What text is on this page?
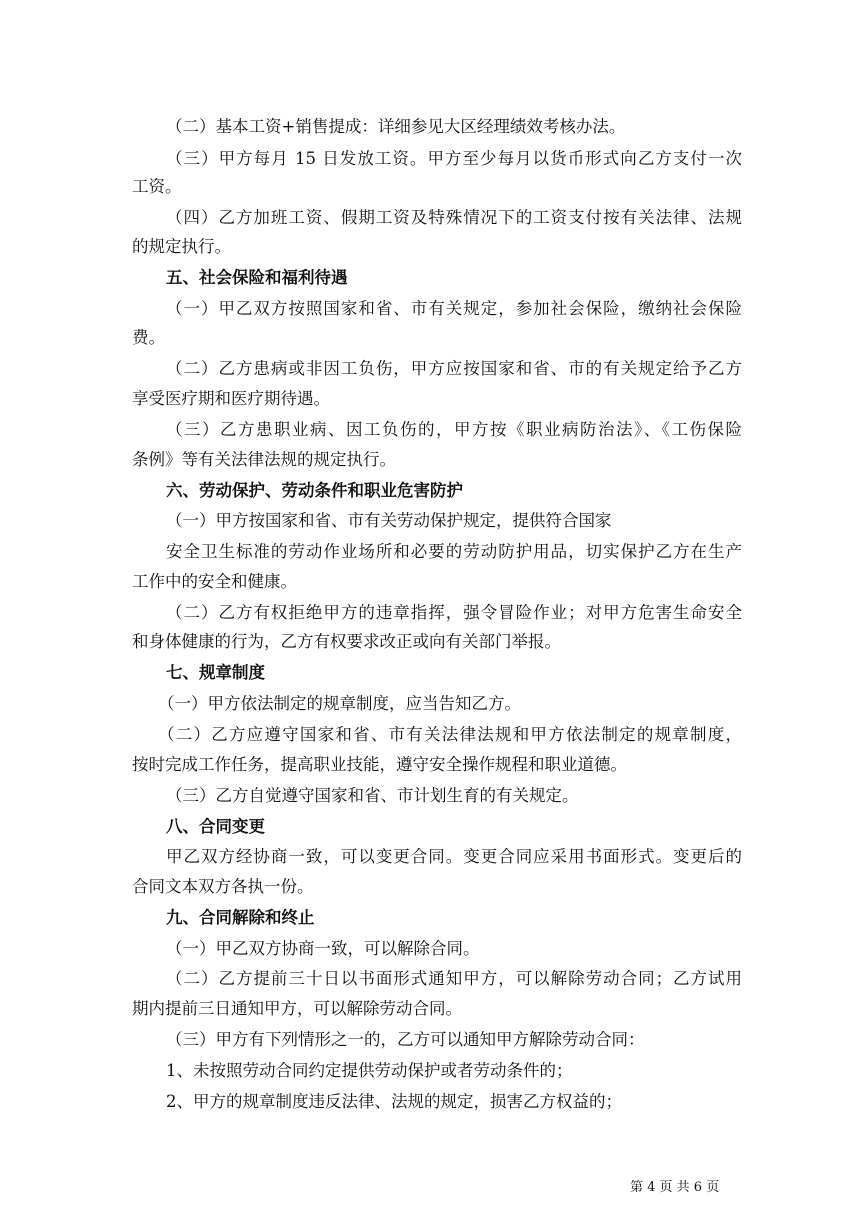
（二）基本工资+销售提成：详细参见大区经理绩效考核办法。
（三）甲方每月 15 日发放工资。甲方至少每月以货币形式向乙方支付一次
工资。
（四）乙方加班工资、假期工资及特殊情况下的工资支付按有关法律、法规
的规定执行。
五、社会保险和福利待遇
（一）甲乙双方按照国家和省、市有关规定，参加社会保险，缴纳社会保险
费。
（二）乙方患病或非因工负伤，甲方应按国家和省、市的有关规定给予乙方
享受医疗期和医疗期待遇。
（三）乙方患职业病、因工负伤的，甲方按《职业病防治法》、《工伤保险
条例》等有关法律法规的规定执行。
六、劳动保护、劳动条件和职业危害防护
（一）甲方按国家和省、市有关劳动保护规定，提供符合国家
安全卫生标准的劳动作业场所和必要的劳动防护用品，切实保护乙方在生产
工作中的安全和健康。
（二）乙方有权拒绝甲方的违章指挥，强令冒险作业；对甲方危害生命安全
和身体健康的行为，乙方有权要求改正或向有关部门举报。
七、规章制度
（一）甲方依法制定的规章制度，应当告知乙方。
（二）乙方应遵守国家和省、市有关法律法规和甲方依法制定的规章制度，
按时完成工作任务，提高职业技能，遵守安全操作规程和职业道德。
（三）乙方自觉遵守国家和省、市计划生育的有关规定。
八、合同变更
甲乙双方经协商一致，可以变更合同。变更合同应采用书面形式。变更后的
合同文本双方各执一份。
九、合同解除和终止
（一）甲乙双方协商一致，可以解除合同。
（二）乙方提前三十日以书面形式通知甲方，可以解除劳动合同；乙方试用
期内提前三日通知甲方，可以解除劳动合同。
（三）甲方有下列情形之一的，乙方可以通知甲方解除劳动合同：
1、未按照劳动合同约定提供劳动保护或者劳动条件的；
2、甲方的规章制度违反法律、法规的规定，损害乙方权益的；
第 4 页 共 6 页
